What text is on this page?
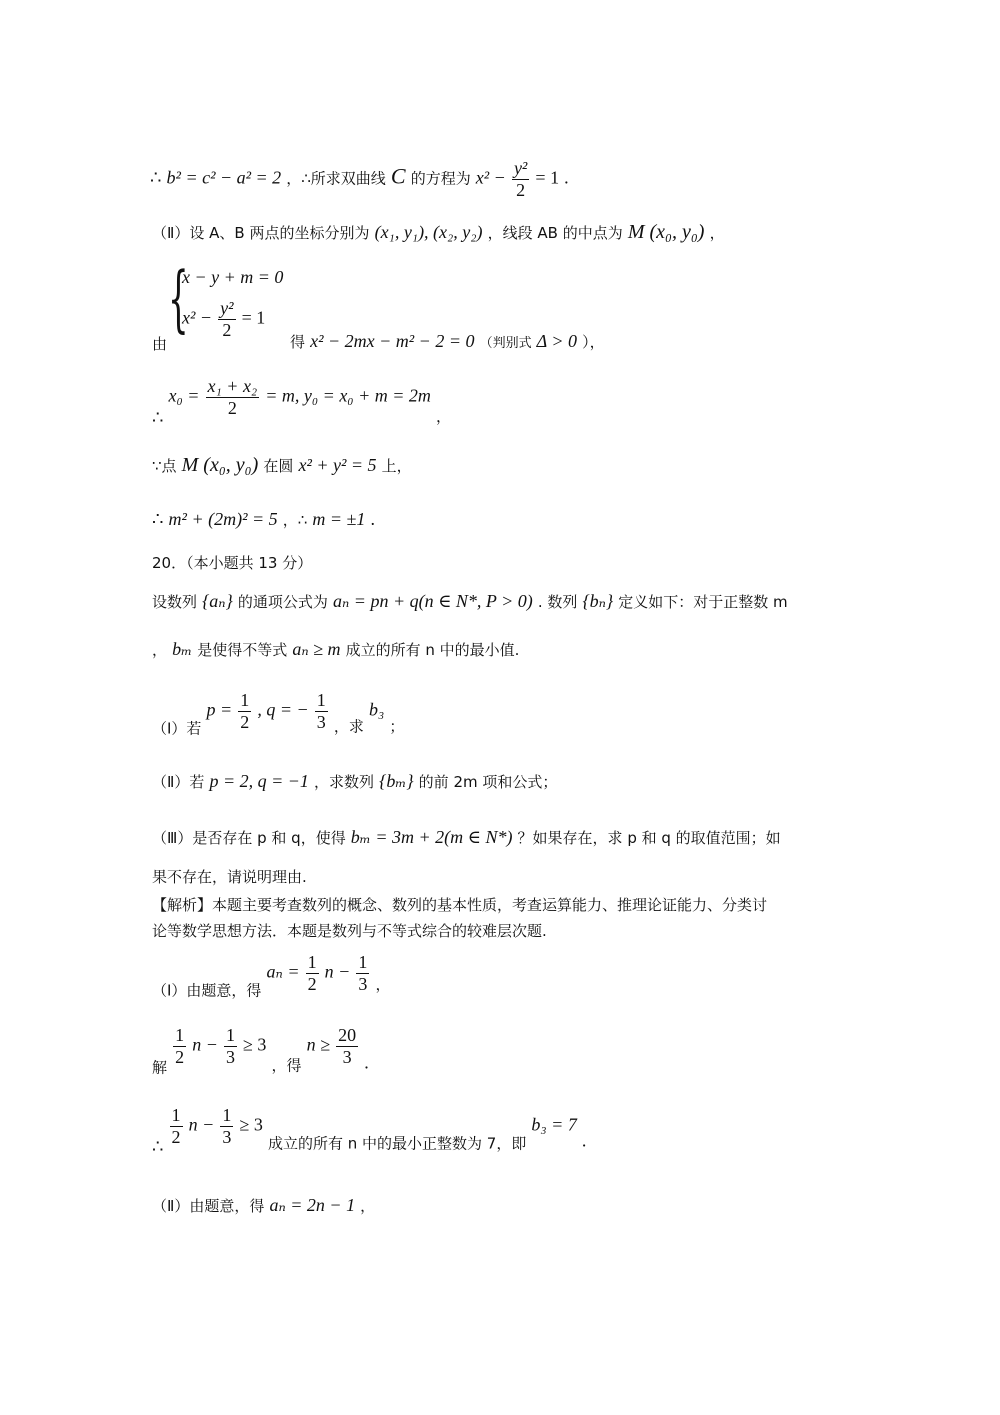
∴ b² = c² − a² = 2 ，∴所求双曲线 C 的方程为 $x^2 - \frac{\text{y²}}{2} = 1$ .
（Ⅱ）设 A、B 两点的坐标分别为 (x₁, y₁), (x₂, y₂) ，线段 AB 的中点为 M (x₀, y₀) ，
{
x − y + m = 0
$x^2 - \frac{\text{y²}}{2} = 1$
由	得 x² − 2mx − m² − 2 = 0 （判别式 Δ > 0 ），
∴ $x_0 = \frac{\text{x₁ + x₂}}{2} = m$, y₀ = x₀ + m = 2m ，
∵点 M (x₀, y₀) 在圆 x² + y² = 5 上，
∴ m² + (2m)² = 5 ，∴ m = ±1 .
20．（本小题共 13 分）
设数列 {aₙ} 的通项公式为 aₙ = pn + q(n ∈ N*, P > 0) . 数列 {bₙ} 定义如下：对于正整数 m
， bₘ 是使得不等式 aₙ ≥ m 成立的所有 n 中的最小值.
（Ⅰ）若 $p = \frac{1}{2}$ , q = − $\frac{1}{3}$ ，求 b₃ ；
（Ⅱ）若 p = 2, q = −1 ，求数列 {bₘ} 的前 2m 项和公式；
（Ⅲ）是否存在 p 和 q，使得 bₘ = 3m + 2(m ∈ N*) ？如果存在，求 p 和 q 的取值范围；如
果不存在，请说明理由.
【解析】本题主要考查数列的概念、数列的基本性质，考查运算能力、推理论证能力、分类讨
论等数学思想方法．本题是数列与不等式综合的较难层次题.
（Ⅰ）由题意，得 $a_n = \frac{1}{2}$ $n - \frac{1}{3}$ ，
解
$\frac{1}{2}$ $n - \frac{1}{3} \ge 3$ ，得 $n \ge \frac{20}{3}$ .
∴ $\frac{1}{2}$ $n - \frac{1}{3} \ge 3$ 成立的所有 n 中的最小正整数为 7，即 b₃ = 7 .
（Ⅱ）由题意，得 aₙ = 2n − 1 ，
